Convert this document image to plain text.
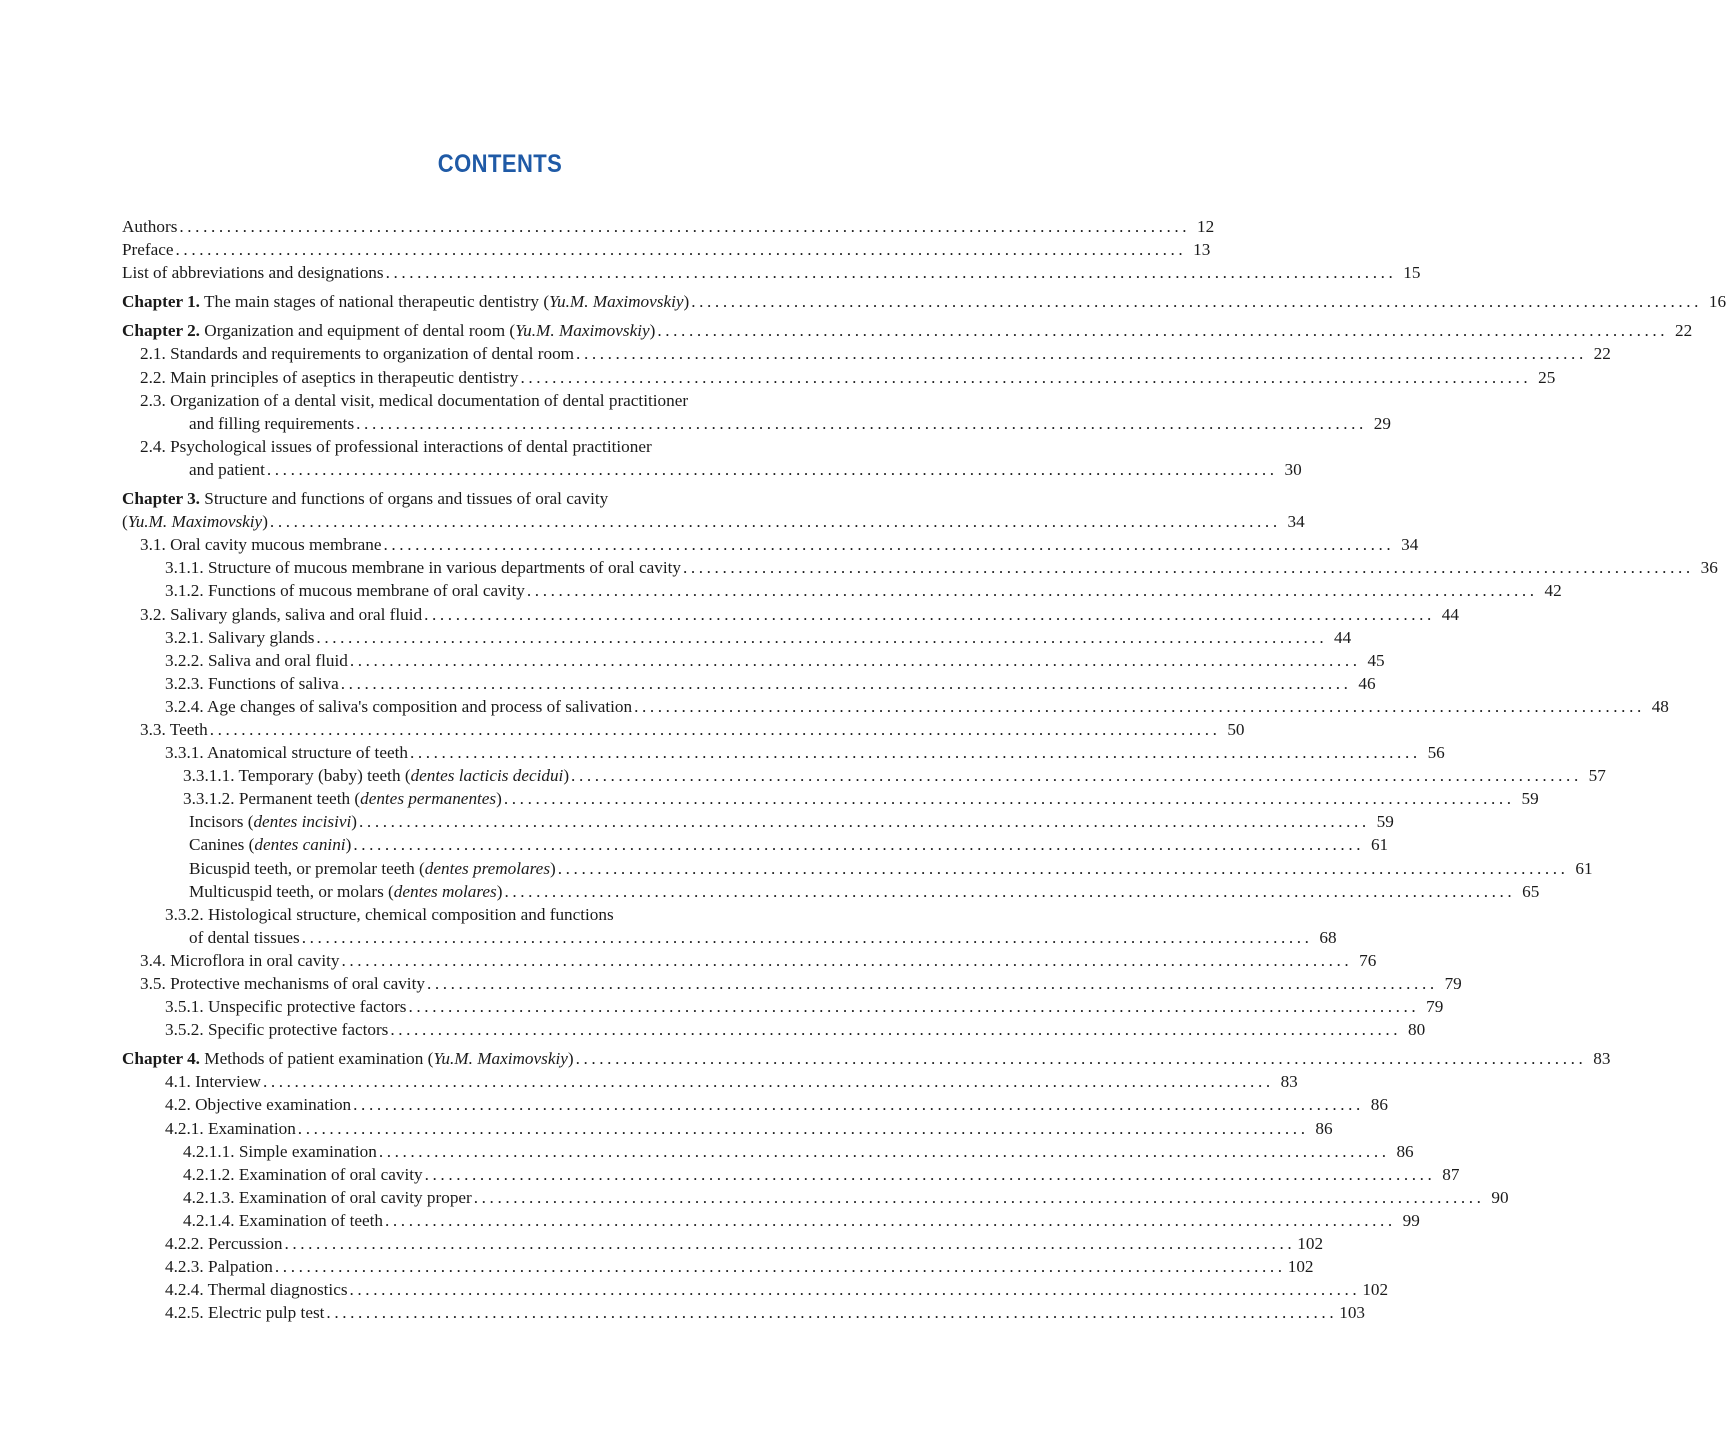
CONTENTS
Authors ................................................................................................................................ 12
Preface ................................................................................................................................ 13
List of abbreviations and designations ................................................................................................................................ 15
Chapter 1. The main stages of national therapeutic dentistry (Yu.M. Maximovskiy) ................................................................................................................................ 16
Chapter 2. Organization and equipment of dental room (Yu.M. Maximovskiy) ................................................................................................................................ 22
2.1. Standards and requirements to organization of dental room ................................................................................................................................ 22
2.2. Main principles of aseptics in therapeutic dentistry ................................................................................................................................ 25
2.3. Organization of a dental visit, medical documentation of dental practitioner
and filling requirements ................................................................................................................................ 29
2.4. Psychological issues of professional interactions of dental practitioner
and patient ................................................................................................................................ 30
Chapter 3. Structure and functions of organs and tissues of oral cavity
(Yu.M. Maximovskiy) ................................................................................................................................ 34
3.1. Oral cavity mucous membrane ................................................................................................................................ 34
3.1.1. Structure of mucous membrane in various departments of oral cavity ................................................................................................................................ 36
3.1.2. Functions of mucous membrane of oral cavity ................................................................................................................................ 42
3.2. Salivary glands, saliva and oral fluid ................................................................................................................................ 44
3.2.1. Salivary glands ................................................................................................................................ 44
3.2.2. Saliva and oral fluid ................................................................................................................................ 45
3.2.3. Functions of saliva ................................................................................................................................ 46
3.2.4. Age changes of saliva's composition and process of salivation ................................................................................................................................ 48
3.3. Teeth ................................................................................................................................ 50
3.3.1. Anatomical structure of teeth ................................................................................................................................ 56
3.3.1.1. Temporary (baby) teeth (dentes lacticis decidui) ................................................................................................................................ 57
3.3.1.2. Permanent teeth (dentes permanentes) ................................................................................................................................ 59
Incisors (dentes incisivi) ................................................................................................................................ 59
Canines (dentes canini) ................................................................................................................................ 61
Bicuspid teeth, or premolar teeth (dentes premolares) ................................................................................................................................ 61
Multicuspid teeth, or molars (dentes molares) ................................................................................................................................ 65
3.3.2. Histological structure, chemical composition and functions
of dental tissues ................................................................................................................................ 68
3.4. Microflora in oral cavity ................................................................................................................................ 76
3.5. Protective mechanisms of oral cavity ................................................................................................................................ 79
3.5.1. Unspecific protective factors ................................................................................................................................ 79
3.5.2. Specific protective factors ................................................................................................................................ 80
Chapter 4. Methods of patient examination (Yu.M. Maximovskiy) ................................................................................................................................ 83
4.1. Interview ................................................................................................................................ 83
4.2. Objective examination ................................................................................................................................ 86
4.2.1. Examination ................................................................................................................................ 86
4.2.1.1. Simple examination ................................................................................................................................ 86
4.2.1.2. Examination of oral cavity ................................................................................................................................ 87
4.2.1.3. Examination of oral cavity proper ................................................................................................................................ 90
4.2.1.4. Examination of teeth ................................................................................................................................ 99
4.2.2. Percussion ................................................................................................................................ 102
4.2.3. Palpation ................................................................................................................................ 102
4.2.4. Thermal diagnostics ................................................................................................................................ 102
4.2.5. Electric pulp test ................................................................................................................................ 103
